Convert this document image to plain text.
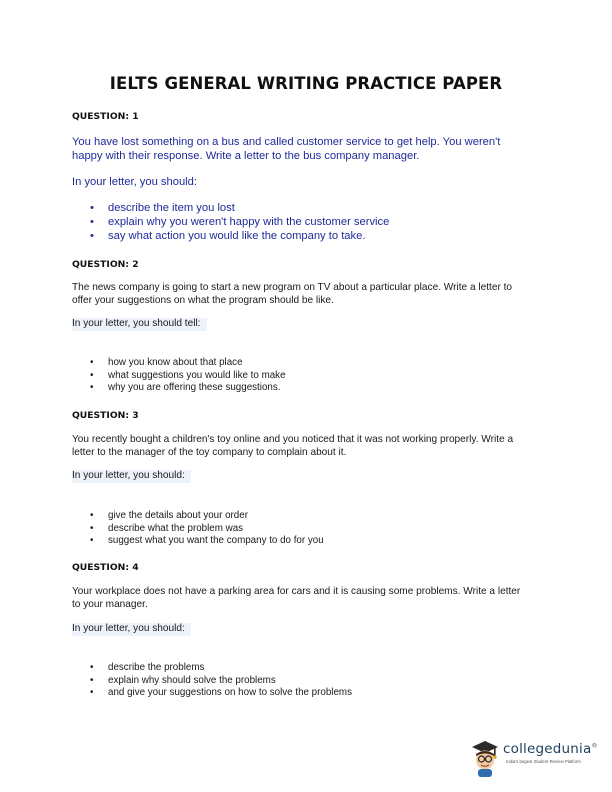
IELTS GENERAL WRITING PRACTICE PAPER
QUESTION: 1
You have lost something on a bus and called customer service to get help. You weren't
happy with their response. Write a letter to the bus company manager.
In your letter, you should:
• describe the item you lost
• explain why you weren't happy with the customer service
• say what action you would like the company to take.
QUESTION: 2
The news company is going to start a new program on TV about a particular place. Write a letter to
offer your suggestions on what the program should be like.
In your letter, you should tell:
• how you know about that place
• what suggestions you would like to make
• why you are offering these suggestions.
QUESTION: 3
You recently bought a children's toy online and you noticed that it was not working properly. Write a
letter to the manager of the toy company to complain about it.
In your letter, you should:
• give the details about your order
• describe what the problem was
• suggest what you want the company to do for you
QUESTION: 4
Your workplace does not have a parking area for cars and it is causing some problems. Write a letter
to your manager.
In your letter, you should:
• describe the problems
• explain why should solve the problems
• and give your suggestions on how to solve the problems
collegedunia®
India's largest Student Review Platform
